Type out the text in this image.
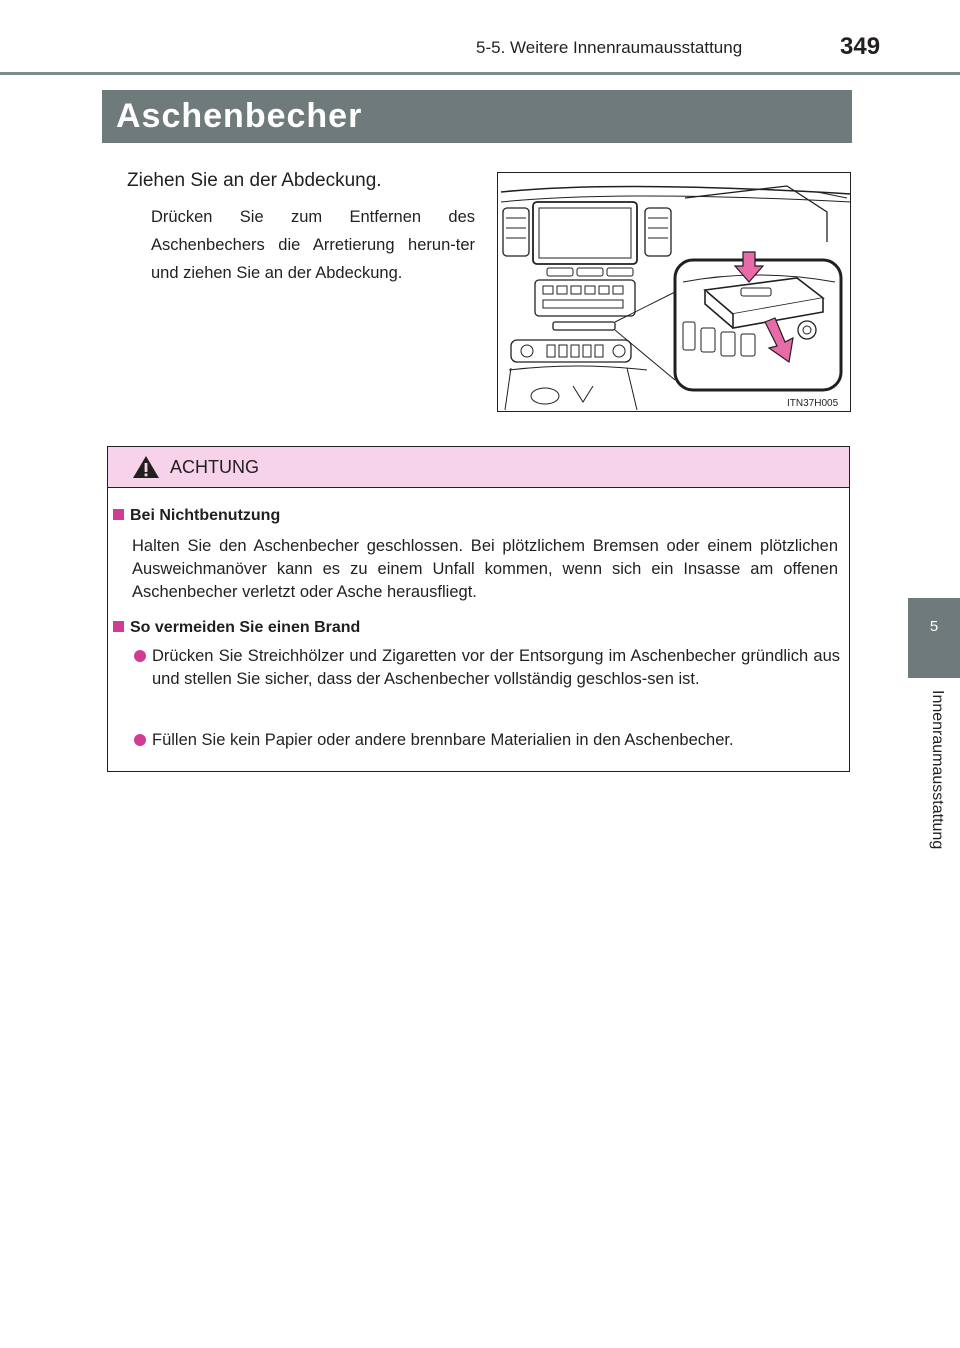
5-5. Weitere Innenraumausstattung	349
5
Innenraumausstattung
Aschenbecher
Ziehen Sie an der Abdeckung.
Drücken Sie zum Entfernen des Aschenbechers die Arretierung herun-ter und ziehen Sie an der Abdeckung.
ITN37H005
ACHTUNG
Bei Nichtbenutzung
Halten Sie den Aschenbecher geschlossen. Bei plötzlichem Bremsen oder einem plötzlichen Ausweichmanöver kann es zu einem Unfall kommen, wenn sich ein Insasse am offenen Aschenbecher verletzt oder Asche herausfliegt.
So vermeiden Sie einen Brand
Drücken Sie Streichhölzer und Zigaretten vor der Entsorgung im Aschenbecher gründlich aus und stellen Sie sicher, dass der Aschenbecher vollständig geschlos-sen ist.
Füllen Sie kein Papier oder andere brennbare Materialien in den Aschenbecher.
